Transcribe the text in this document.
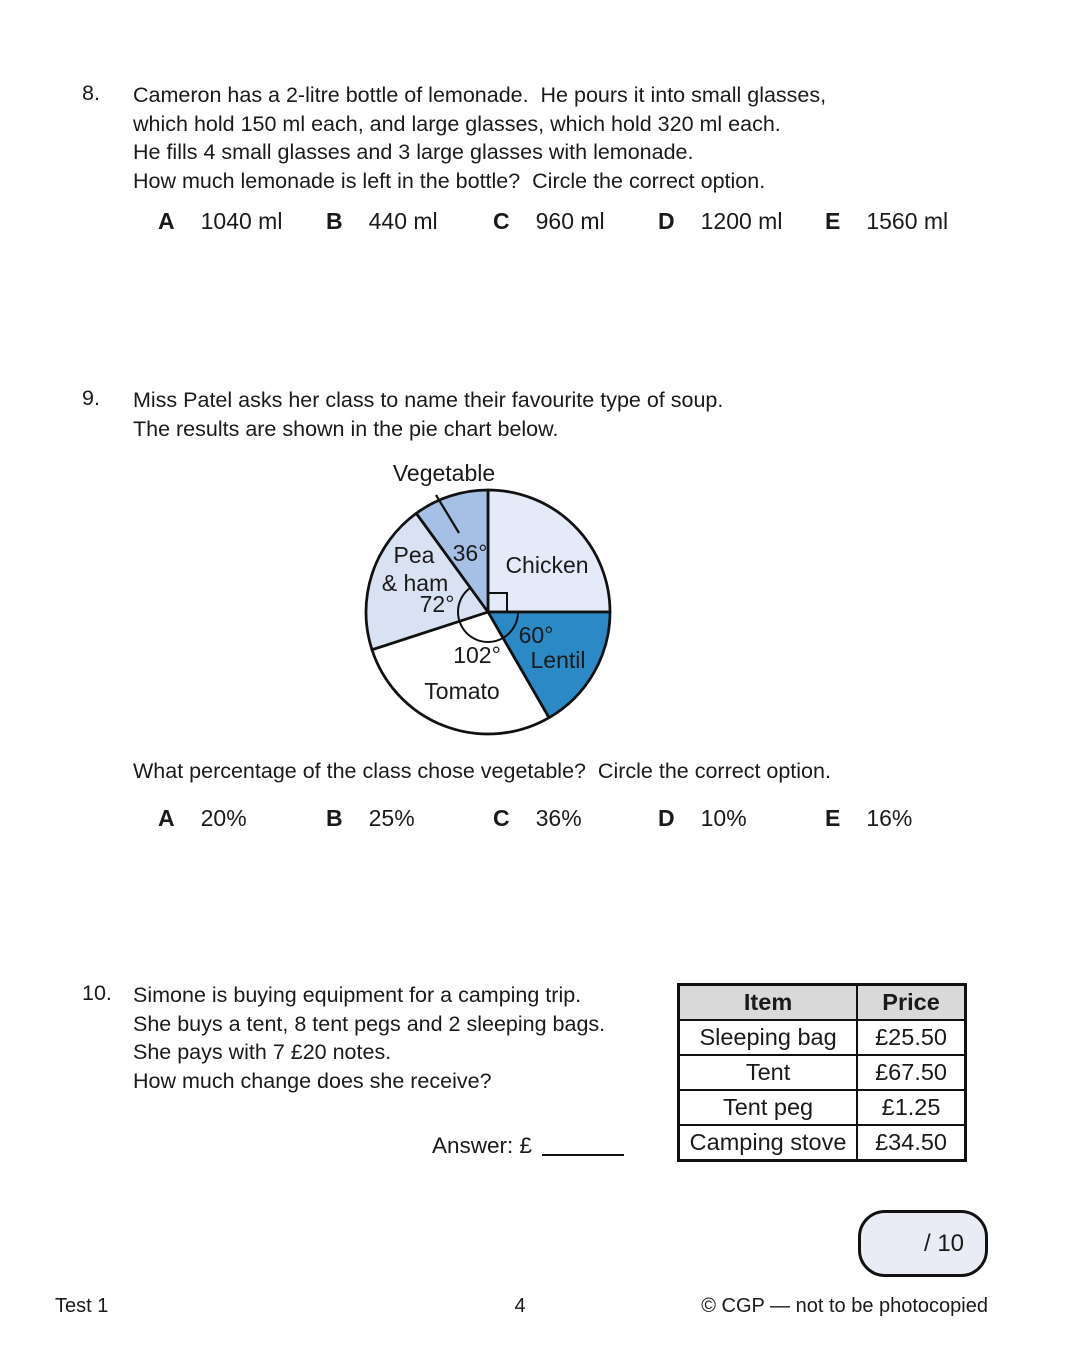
8. Cameron has a 2-litre bottle of lemonade.  He pours it into small glasses,
which hold 150 ml each, and large glasses, which hold 320 ml each.
He fills 4 small glasses and 3 large glasses with lemonade.
How much lemonade is left in the bottle?  Circle the correct option.
A 1040 ml B 440 ml C 960 ml D 1200 ml E 1560 ml
9. Miss Patel asks her class to name their favourite type of soup.
The results are shown in the pie chart below.
Chicken
60°
Lentil
102°
Tomato
Pea
& ham
72°
36°
Vegetable
What percentage of the class chose vegetable?  Circle the correct option.
A 20%	B 25%	C 36%	D 10%	E 16%
10. Simone is buying equipment for a camping trip.
She buys a tent, 8 tent pegs and 2 sleeping bags.
She pays with 7 £20 notes.
How much change does she receive?
Item	Price
Sleeping bag	£25.50
Tent	£67.50
Tent peg	£1.25
Camping stove	£34.50
Answer: £
/ 10
Test 1	4	© CGP — not to be photocopied
